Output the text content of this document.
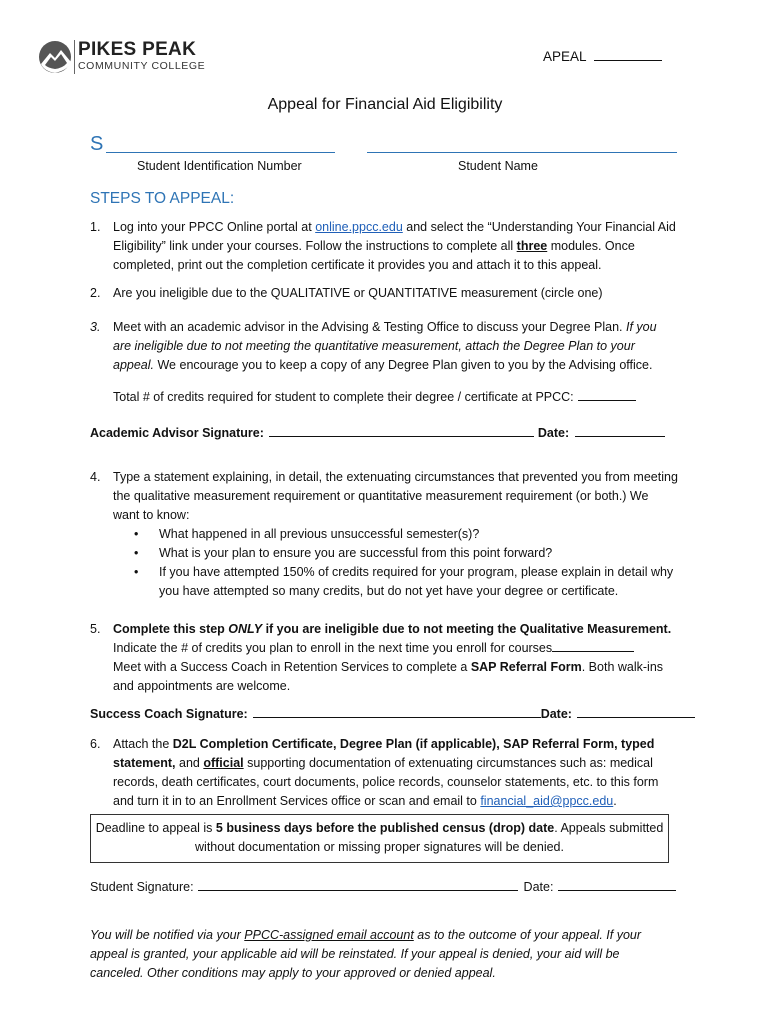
PIKES PEAK
COMMUNITY COLLEGE
APEAL
Appeal for Financial Aid Eligibility
S
Student Identification Number	Student Name
STEPS TO APPEAL:
1. Log into your PPCC Online portal at online.ppcc.edu and select the “Understanding Your Financial Aid Eligibility” link under your courses. Follow the instructions to complete all three modules. Once completed, print out the completion certificate it provides you and attach it to this appeal.
2. Are you ineligible due to the QUALITATIVE or QUANTITATIVE measurement (circle one)
3. Meet with an academic advisor in the Advising & Testing Office to discuss your Degree Plan. If you are ineligible due to not meeting the quantitative measurement, attach the Degree Plan to your appeal. We encourage you to keep a copy of any Degree Plan given to you by the Advising office.
Total # of credits required for student to complete their degree / certificate at PPCC:
Academic Advisor Signature:	Date:
4. Type a statement explaining, in detail, the extenuating circumstances that prevented you from meeting the qualitative measurement requirement or quantitative measurement requirement (or both.) We want to know:
• What happened in all previous unsuccessful semester(s)?
• What is your plan to ensure you are successful from this point forward?
• If you have attempted 150% of credits required for your program, please explain in detail why you have attempted so many credits, but do not yet have your degree or certificate.
5. Complete this step ONLY if you are ineligible due to not meeting the Qualitative Measurement.
Indicate the # of credits you plan to enroll in the next time you enroll for courses
Meet with a Success Coach in Retention Services to complete a SAP Referral Form. Both walk-ins
and appointments are welcome.
Success Coach Signature:	Date:
6. Attach the D2L Completion Certificate, Degree Plan (if applicable), SAP Referral Form, typed statement, and official supporting documentation of extenuating circumstances such as: medical records, death certificates, court documents, police records, counselor statements, etc. to this form and turn it in to an Enrollment Services office or scan and email to financial_aid@ppcc.edu.
Deadline to appeal is 5 business days before the published census (drop) date. Appeals submitted without documentation or missing proper signatures will be denied.
Student Signature:	Date:
You will be notified via your PPCC-assigned email account as to the outcome of your appeal. If your appeal is granted, your applicable aid will be reinstated. If your appeal is denied, your aid will be canceled. Other conditions may apply to your approved or denied appeal.
